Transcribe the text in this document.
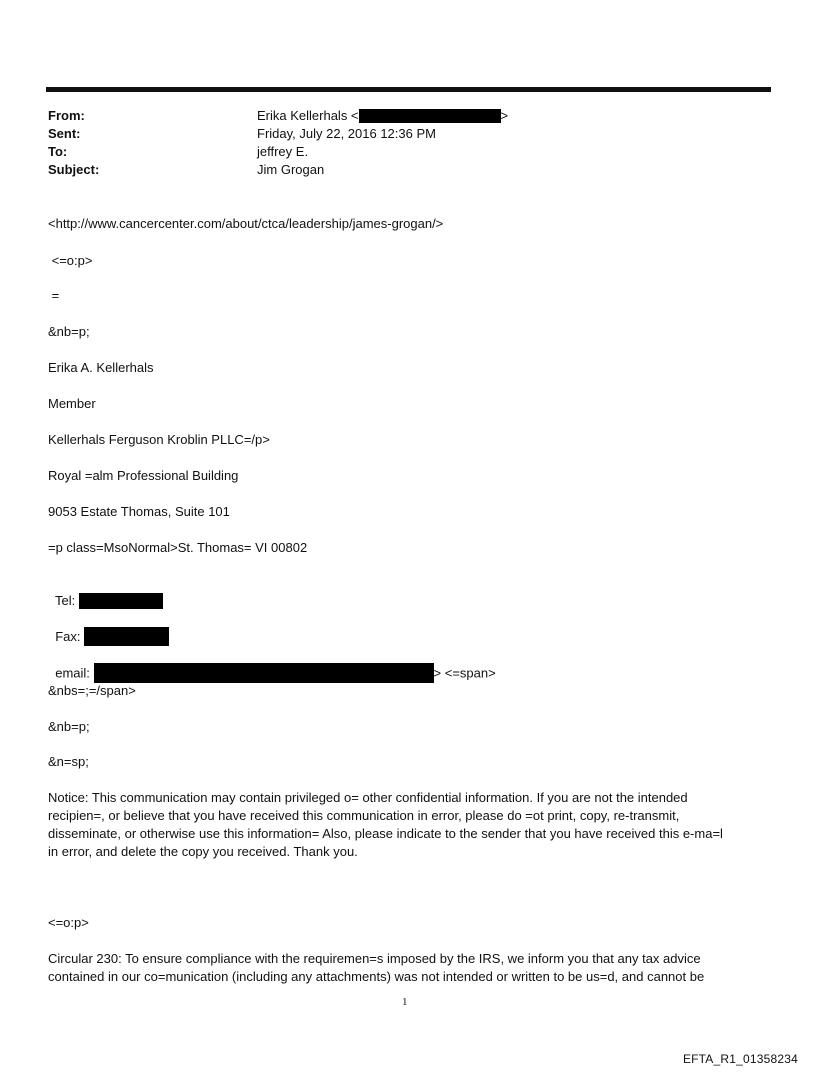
From:	Erika Kellerhals <	>
Sent:	Friday, July 22, 2016 12:36 PM
To:	jeffrey E.
Subject:	Jim Grogan
<http://www.cancercenter.com/about/ctca/leadership/james-grogan/>
<=o:p>
=
&nb=p;
Erika A. Kellerhals
Member
Kellerhals Ferguson Kroblin PLLC=/p>
Royal =alm Professional Building
9053 Estate Thomas, Suite 101
=p class=MsoNormal>St. Thomas= VI 00802

Tel:

Fax:

email:	> <=span>

&nbs=;=/span>
&nb=p;
&n=sp;
Notice: This communication may contain privileged o= other confidential information. If you are not the intended
recipien=, or believe that you have received this communication in error, please do =ot print, copy, re-transmit,
disseminate, or otherwise use this information= Also, please indicate to the sender that you have received this e-ma=l
in error, and delete the copy you received. Thank you.
<=o:p>
Circular 230: To ensure compliance with the requiremen=s imposed by the IRS, we inform you that any tax advice
contained in our co=munication (including any attachments) was not intended or written to be us=d, and cannot be
1
EFTA_R1_01358234
